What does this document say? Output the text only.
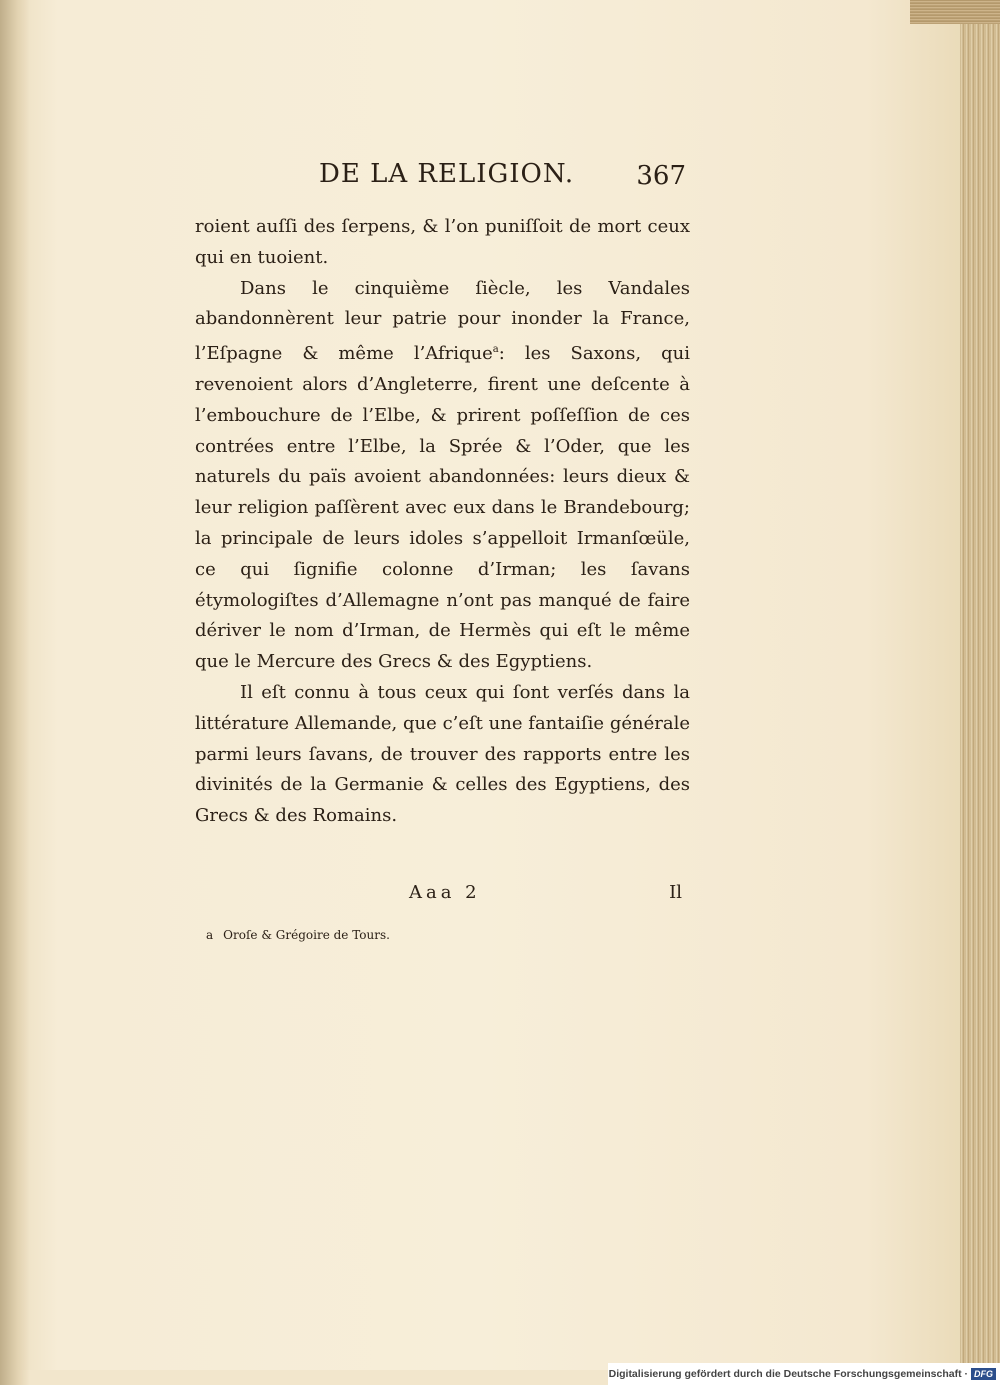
DE LA RELIGION. 367

roient auſſi des ſerpens, & l’on puniſſoit de mort ceux qui en tuoient.

Dans le cinquième ſiècle, les Vandales abandonnèrent leur patrie pour inonder la France, l’Eſpagne & même l’Afrique$^a$: les Saxons, qui revenoient alors d’Angleterre, firent une deſcente à l’embouchure de l’Elbe, & prirent poſſeſſion de ces contrées entre l’Elbe, la Sprée & l’Oder, que les naturels du païs avoient abandonnées: leurs dieux & leur religion paſſèrent avec eux dans le Brandebourg; la principale de leurs idoles s’appelloit Irmanſœüle, ce qui ſignifie colonne d’Irman; les ſavans étymologiſtes d’Allemagne n’ont pas manqué de faire dériver le nom d’Irman, de Hermès qui eſt le même que le Mercure des Grecs & des Egyptiens.

Il eſt connu à tous ceux qui ſont verſés dans la littérature Allemande, que c’eſt une fantaiſie générale parmi leurs ſavans, de trouver des rapports entre les divinités de la Germanie & celles des Egyptiens, des Grecs & des Romains.

Aaa 2	Il
a Oroſe & Grégoire de Tours.
Digitalisierung gefördert durch die Deutsche Forschungsgemeinschaft · DFG
